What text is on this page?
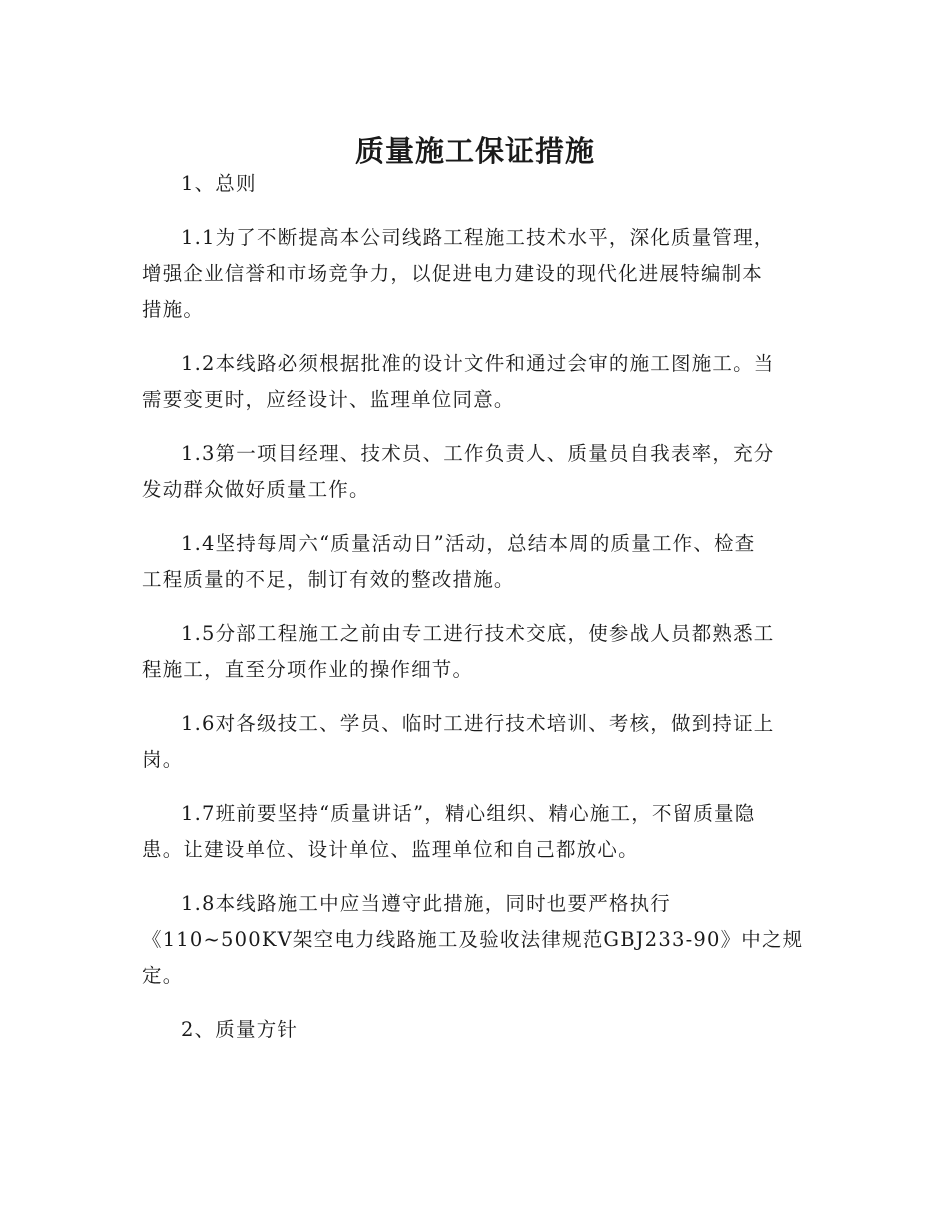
质量施工保证措施

1、总则

1.1为了不断提高本公司线路工程施工技术水平，深化质量管理，
增强企业信誉和市场竞争力，以促进电力建设的现代化进展特编制本
措施。

1.2本线路必须根据批准的设计文件和通过会审的施工图施工。当
需要变更时，应经设计、监理单位同意。

1.3第一项目经理、技术员、工作负责人、质量员自我表率，充分
发动群众做好质量工作。

1.4坚持每周六“质量活动日”活动，总结本周的质量工作、检查
工程质量的不足，制订有效的整改措施。

1.5分部工程施工之前由专工进行技术交底，使参战人员都熟悉工
程施工，直至分项作业的操作细节。

1.6对各级技工、学员、临时工进行技术培训、考核，做到持证上
岗。

1.7班前要坚持“质量讲话”，精心组织、精心施工，不留质量隐
患。让建设单位、设计单位、监理单位和自己都放心。

1.8本线路施工中应当遵守此措施，同时也要严格执行
《110~500KV架空电力线路施工及验收法律规范GBJ233-90》中之规
定。

2、质量方针
